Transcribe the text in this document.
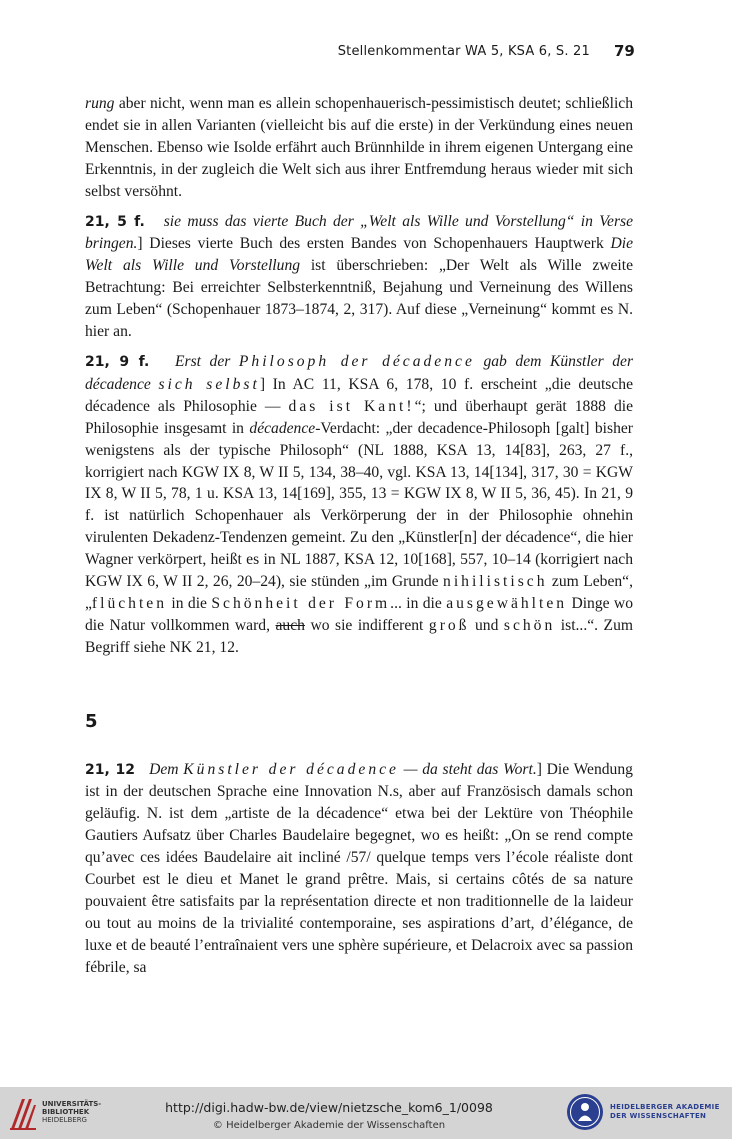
Stellenkommentar WA 5, KSA 6, S. 21 79

rung aber nicht, wenn man es allein schopenhauerisch-pessimistisch deutet; schließlich endet sie in allen Varianten (vielleicht bis auf die erste) in der Verkündung eines neuen Menschen. Ebenso wie Isolde erfährt auch Brünnhilde in ihrem eigenen Untergang eine Erkenntnis, in der zugleich die Welt sich aus ihrer Entfremdung heraus wieder mit sich selbst versöhnt.

21, 5 f. sie muss das vierte Buch der „Welt als Wille und Vorstellung“ in Verse bringen.] Dieses vierte Buch des ersten Bandes von Schopenhauers Hauptwerk Die Welt als Wille und Vorstellung ist überschrieben: „Der Welt als Wille zweite Betrachtung: Bei erreichter Selbsterkenntniß, Bejahung und Verneinung des Willens zum Leben“ (Schopenhauer 1873–1874, 2, 317). Auf diese „Verneinung“ kommt es N. hier an.

21, 9 f. Erst der Philosoph der décadence gab dem Künstler der décadence sich selbst] In AC 11, KSA 6, 178, 10 f. erscheint „die deutsche décadence als Philosophie — das ist Kant!“; und überhaupt gerät 1888 die Philosophie insgesamt in décadence-Verdacht: „der decadence-Philosoph [galt] bisher wenigstens als der typische Philosoph“ (NL 1888, KSA 13, 14[83], 263, 27 f., korrigiert nach KGW IX 8, W II 5, 134, 38–40, vgl. KSA 13, 14[134], 317, 30 = KGW IX 8, W II 5, 78, 1 u. KSA 13, 14[169], 355, 13 = KGW IX 8, W II 5, 36, 45). In 21, 9 f. ist natürlich Schopenhauer als Verkörperung der in der Philosophie ohnehin virulenten Dekadenz-Tendenzen gemeint. Zu den „Künstler[n] der décadence“, die hier Wagner verkörpert, heißt es in NL 1887, KSA 12, 10[168], 557, 10–14 (korrigiert nach KGW IX 6, W II 2, 26, 20–24), sie stünden „im Grunde nihilistisch zum Leben“, „flüchten in die Schönheit der Form... in die ausgewählten Dinge wo die Natur vollkommen ward, auch wo sie indifferent groß und schön ist...“. Zum Begriff siehe NK 21, 12.

5

21, 12 Dem Künstler der décadence — da steht das Wort.] Die Wendung ist in der deutschen Sprache eine Innovation N.s, aber auf Französisch damals schon geläufig. N. ist dem „artiste de la décadence“ etwa bei der Lektüre von Théophile Gautiers Aufsatz über Charles Baudelaire begegnet, wo es heißt: „On se rend compte qu’avec ces idées Baudelaire ait incliné /57/ quelque temps vers l’école réaliste dont Courbet est le dieu et Manet le grand prêtre. Mais, si certains côtés de sa nature pouvaient être satisfaits par la représentation directe et non traditionnelle de la laideur ou tout au moins de la trivialité contemporaine, ses aspirations d’art, d’élégance, de luxe et de beauté l’entraînaient vers une sphère supérieure, et Delacroix avec sa passion fébrile, sa

UNIVERSITÄTS-
BIBLIOTHEK
HEIDELBERG
http://digi.hadw-bw.de/view/nietzsche_kom6_1/0098
© Heidelberger Akademie der Wissenschaften
HEIDELBERGER AKADEMIE
DER WISSENSCHAFTEN
